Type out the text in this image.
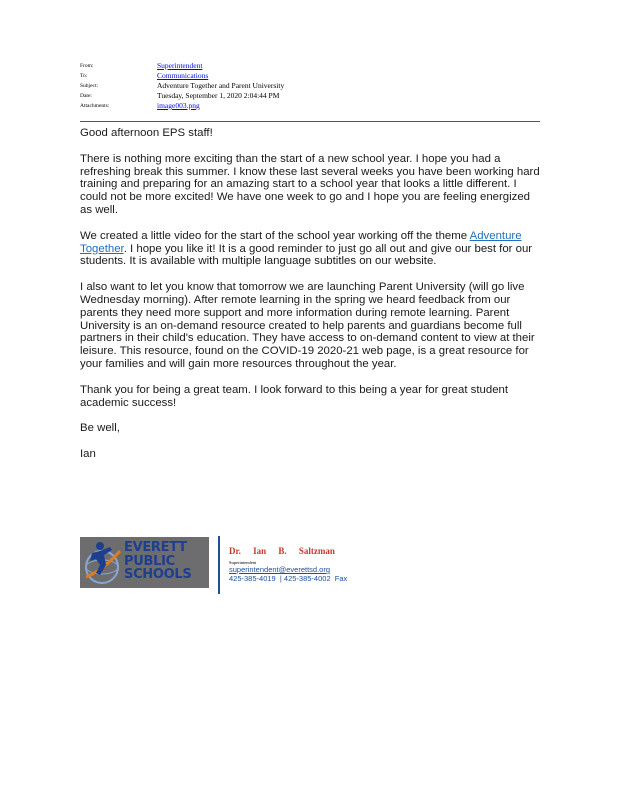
From:	Superintendent
To:	Communications
Subject:	Adventure Together and Parent University
Date:	Tuesday, September 1, 2020 2:04:44 PM
Attachments:	image003.png

Good afternoon EPS staff!

There is nothing more exciting than the start of a new school year. I hope you had a refreshing break this summer. I know these last several weeks you have been working hard training and preparing for an amazing start to a school year that looks a little different. I could not be more excited! We have one week to go and I hope you are feeling energized as well.

We created a little video for the start of the school year working off the theme Adventure Together. I hope you like it! It is a good reminder to just go all out and give our best for our students. It is available with multiple language subtitles on our website.

I also want to let you know that tomorrow we are launching Parent University (will go live Wednesday morning). After remote learning in the spring we heard feedback from our parents they need more support and more information during remote learning. Parent University is an on-demand resource created to help parents and guardians become full partners in their child's education. They have access to on-demand content to view at their leisure. This resource, found on the COVID-19 2020-21 web page, is a great resource for your families and will gain more resources throughout the year.

Thank you for being a great team. I look forward to this being a year for great student academic success!

Be well,

Ian

EVERETT
PUBLIC
SCHOOLS
Dr. Ian B. Saltzman
Superintendent
superintendent@everettsd.org
425-385-4019  | 425-385-4002  Fax
